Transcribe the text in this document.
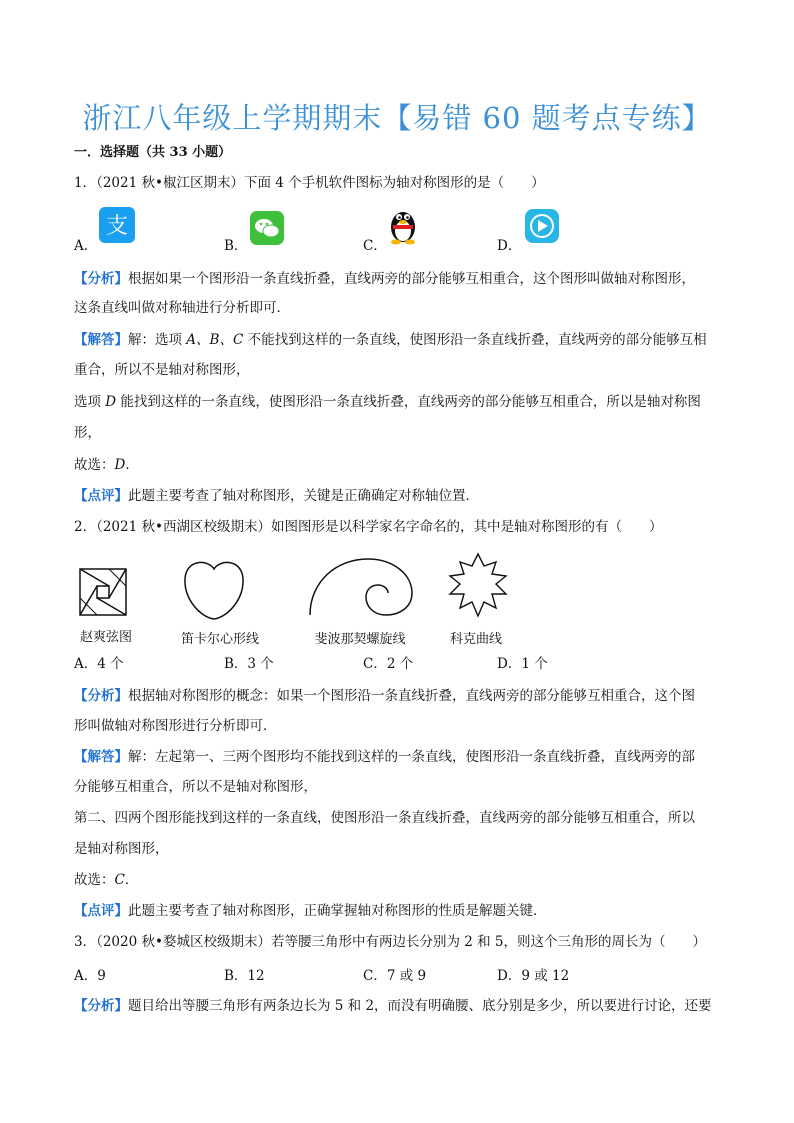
浙江八年级上学期期末【易错 60 题考点专练】
一．选择题（共 33 小题）
1．（2021 秋•椒江区期末）下面 4 个手机软件图标为轴对称图形的是（　　）
A．
支
B．	C．	D．
【分析】根据如果一个图形沿一条直线折叠，直线两旁的部分能够互相重合，这个图形叫做轴对称图形，
这条直线叫做对称轴进行分析即可．
【解答】解：选项 A、B、C 不能找到这样的一条直线，使图形沿一条直线折叠，直线两旁的部分能够互相
重合，所以不是轴对称图形，
选项 D 能找到这样的一条直线，使图形沿一条直线折叠，直线两旁的部分能够互相重合，所以是轴对称图
形，
故选：D．
【点评】此题主要考查了轴对称图形，关键是正确确定对称轴位置．
2．（2021 秋•西湖区校级期末）如图图形是以科学家名字命名的，其中是轴对称图形的有（　　）
赵爽弦图	笛卡尔心形线	斐波那契螺旋线	科克曲线
A．4 个	B．3 个	C．2 个	D．1 个
【分析】根据轴对称图形的概念：如果一个图形沿一条直线折叠，直线两旁的部分能够互相重合，这个图
形叫做轴对称图形进行分析即可．
【解答】解：左起第一、三两个图形均不能找到这样的一条直线，使图形沿一条直线折叠，直线两旁的部
分能够互相重合，所以不是轴对称图形，
第二、四两个图形能找到这样的一条直线，使图形沿一条直线折叠，直线两旁的部分能够互相重合，所以
是轴对称图形，
故选：C．
【点评】此题主要考查了轴对称图形，正确掌握轴对称图形的性质是解题关键．
3．（2020 秋•婺城区校级期末）若等腰三角形中有两边长分别为 2 和 5，则这个三角形的周长为（　　）
A．9	B．12	C．7 或 9	D．9 或 12
【分析】题目给出等腰三角形有两条边长为 5 和 2，而没有明确腰、底分别是多少，所以要进行讨论，还要
